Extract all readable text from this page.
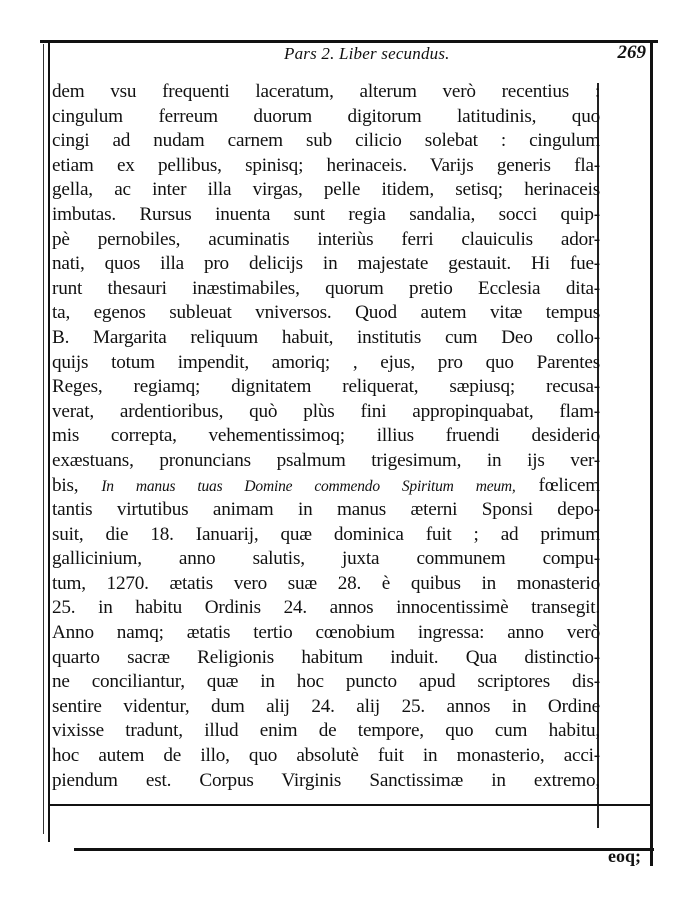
Pars 2. Liber secundus.	269
eoq;
dem vsu frequenti laceratum, alterum verò recentius :
cingulum ferreum duorum digitorum latitudinis, quo
cingi ad nudam carnem sub cilicio solebat : cingulum
etiam ex pellibus, spinisq; herinaceis. Varijs generis fla-
gella, ac inter illa virgas, pelle itidem, setisq; herinaceis
imbutas. Rursus inuenta sunt regia sandalia, socci quip-
pè pernobiles, acuminatis interiùs ferri clauiculis ador-
nati, quos illa pro delicijs in majestate gestauit. Hi fue-
runt thesauri inæstimabiles, quorum pretio Ecclesia dita-
ta, egenos subleuat vniversos. Quod autem vitæ tempus
B. Margarita reliquum habuit, institutis cum Deo collo-
quijs totum impendit, amoriq; , ejus, pro quo Parentes
Reges, regiamq; dignitatem reliquerat, sæpiusq; recusa-
verat, ardentioribus, quò plùs fini appropinquabat, flam-
mis correpta, vehementissimoq; illius fruendi desiderio
exæstuans, pronuncians psalmum trigesimum, in ijs ver-
bis, In manus tuas Domine commendo Spiritum meum, fœlicem
tantis virtutibus animam in manus æterni Sponsi depo-
suit, die 18. Ianuarij, quæ dominica fuit ; ad primum
gallicinium, anno salutis, juxta communem compu-
tum, 1270. ætatis vero suæ 28. è quibus in monasterio
25. in habitu Ordinis 24. annos innocentissimè transegit.
Anno namq; ætatis tertio cœnobium ingressa: anno verò
quarto sacræ Religionis habitum induit. Qua distinctio-
ne conciliantur, quæ in hoc puncto apud scriptores dis-
sentire videntur, dum alij 24. alij 25. annos in Ordine
vixisse tradunt, illud enim de tempore, quo cum habitu,
hoc autem de illo, quo absolutè fuit in monasterio, acci-
piendum est. Corpus Virginis Sanctissimæ in extremo,
